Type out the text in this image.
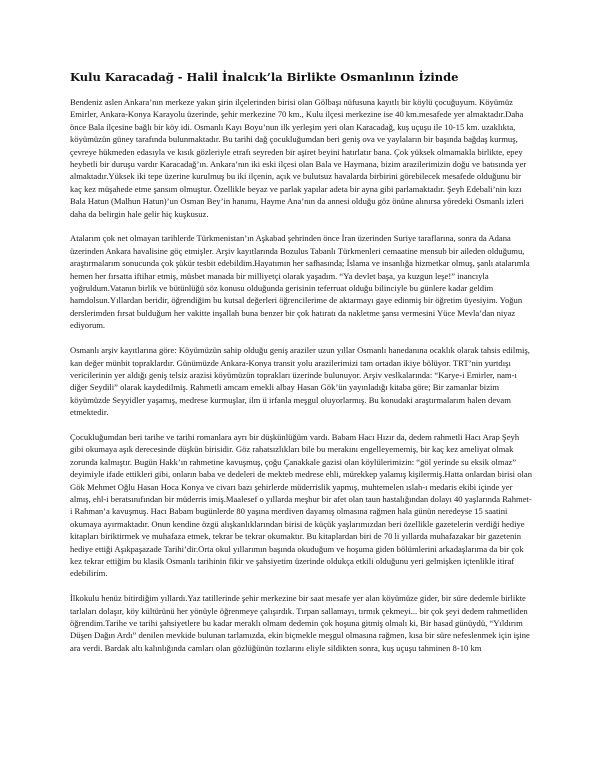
Kulu Karacadağ - Halil İnalcık’la Birlikte Osmanlının İzinde

Bendeniz aslen Ankara’nın merkeze yakın şirin ilçelerinden birisi olan Gölbaşı nüfusuna kayıtlı bir köylü çocuğuyum. Köyümüz Emirler, Ankara-Konya Karayolu üzerinde, şehir merkezine 70 km., Kulu ilçesi merkezine ise 40 km.mesafede yer almaktadır.Daha önce Bala ilçesine bağlı bir köy idi. Osmanlı Kayı Boyu’nun ilk yerleşim yeri olan Karacadağ, kuş uçuşu ile 10-15 km. uzaklıkta, köyümüzün güney tarafında bulunmaktadır. Bu tarihi dağ çocukluğumdan beri geniş ova ve yaylaların bir başında bağdaş kurmuş, çevreye hükmeden edasıyla ve kısık gözleriyle etrafı seyreden bir aşiret beyini hatırlatır bana. Çok yüksek olmamakla birlikte, epey heybetli bir duruşu vardır Karacadağ’ın. Ankara’nın iki eski ilçesi olan Bala ve Haymana, bizim arazilerimizin doğu ve batısında yer almaktadır.Yüksek iki tepe üzerine kurulmuş bu iki ilçenin, açık ve bulutsuz havalarda birbirini görebilecek mesafede olduğunu bir kaç kez müşahede etme şansım olmuştur. Özellikle beyaz ve parlak yapılar adeta bir ayna gibi parlamaktadır. Şeyh Edebali’nin kızı Bala Hatun (Malhun Hatun)’un Osman Bey’in hanımı, Hayme Ana’nın da annesi olduğu göz önüne alınırsa yöredeki Osmanlı izleri daha da belirgin hale gelir hiç kuşkusuz.

Atalarım çok net olmayan tarihlerde Türkmenistan’ın Aşkabad şehrinden önce İran üzerinden Suriye taraflarına, sonra da Adana üzerinden Ankara havalisine göç etmişler. Arşiv kayıtlarında Bozulus Tabanlı Türkmenleri cemaatine mensub bir aileden olduğumu, araştırmalarım sonucunda çok şükür tesbit edebildim.Hayatımın her safhasında; İslama ve insanlığa hizmetkar olmuş, şanlı atalarımla hemen her fırsatta iftihar etmiş, müsbet manada bir milliyetçi olarak yaşadım. “Ya devlet başa, ya kuzgun leşe!” inancıyla yoğruldum.Vatanın birlik ve bütünlüğü söz konusu olduğunda gerisinin teferruat olduğu bilinciyle bu günlere kadar geldim hamdolsun.Yıllardan beridir, öğrendiğim bu kutsal değerleri öğrencilerime de aktarmayı gaye edinmiş bir öğretim üyesiyim. Yoğun derslerimden fırsat bulduğum her vakitte inşallah buna benzer bir çok hatıratı da nakletme şansı vermesini Yüce Mevla’dan niyaz ediyorum.

Osmanlı arşiv kayıtlarına göre: Köyümüzün sahip olduğu geniş araziler uzun yıllar Osmanlı hanedanına ocaklık olarak tahsis edilmiş, kan değer münbit topraklardır. Günümüzde Ankara-Konya transit yolu arazilerimizi tam ortadan ikiye bölüyor. TRT’nin yurtdışı vericilerinin yer aldığı geniş telsiz arazisi köyümüzün toprakları üzerinde bulunuyor. Arşiv veslkalarında: “Karye-i Emirler, nam-ı diğer Seydili” olarak kaydedilmiş. Rahmetli amcam emekli albay Hasan Gök’ün yayınladığı kitaba göre; Bir zamanlar bizim köyümüzde Seyyidler yaşamış, medrese kurmuşlar, ilm ü irfanla meşgul oluyorlarmış. Bu konudaki araştırmalarım halen devam etmektedir.

Çocukluğumdan beri tarihe ve tarihi romanlara ayrı bir düşkünlüğüm vardı. Babam Hacı Hızır da, dedem rahmetli Hacı Arap Şeyh gibi okumaya aşık derecesinde düşkün birisidir. Göz rahatsızlıkları bile bu merakını engelleyememiş, bir kaç kez ameliyat olmak zorunda kalmıştır. Bugün Hakk’ın rahmetine kavuşmuş, çoğu Çanakkale gazisi olan köylülerimizin: “göl yerinde su eksik olmaz” deyimiyle ifade ettikleri gibi, onların baba ve dedeleri de mekteb medrese ehli, mürekkep yalamış kişilermiş.Hatta onlardan birisi olan Gök Mehmet Oğlu Hasan Hoca Konya ve civarı bazı şehirlerde müderrislik yapmış, muhtemelen ıslah-ı medaris ekibi içinde yer almış, ehl-i beratsınıfından bir müderris imiş.Maalesef o yıllarda meşhur bir afet olan taun hastalığından dolayı 40 yaşlarında Rahmet-i Rahman’a kavuşmuş. Hacı Babam bugünlerde 80 yaşına merdiven dayamış olmasına rağmen hala günün neredeyse 15 saatini okumaya ayırmaktadır. Onun kendine özgü alışkanlıklarından birisi de küçük yaşlarımızdan beri özellikle gazetelerin verdiği hediye kitapları biriktirmek ve muhafaza etmek, tekrar be tekrar okumaktır. Bu kitaplardan biri de 70 li yıllarda muhafazakar bir gazetenin hediye ettiği Aşıkpaşazade Tarihi’dir.Orta okul yıllarımın başında okuduğum ve hoşuma giden bölümlerini arkadaşlarıma da bir çok kez tekrar ettiğim bu klasik Osmanlı tarihinin fikir ve şahsiyetim üzerinde oldukça etkili olduğunu yeri gelmişken içtenlikle itiraf edebilirim.

İlkokulu henüz bitirdiğim yıllardı.Yaz tatillerinde şehir merkezine bir saat mesafe yer alan köyümüze gider, bir süre dedemle birlikte tarlaları dolaşır, köy kültürünü her yönüyle öğrenmeye çalışırdık. Tırpan sallamayı, tırmık çekmeyi... bir çok şeyi dedem rahmetliden öğrendim.Tarihe ve tarihi şahsiyetlere bu kadar meraklı olmam dedemin çok hoşuna gitmiş olmalı ki, Bir hasad günüydü, “Yıldırım Düşen Dağın Ardı” denilen mevkide bulunan tarlamızda, ekin biçmekle meşgul olmasına rağmen, kısa bir süre nefeslenmek için işine ara verdi. Bardak altı kalınlığında camları olan gözlüğünün tozlarını eliyle sildikten sonra, kuş uçuşu tahminen 8-10 km
